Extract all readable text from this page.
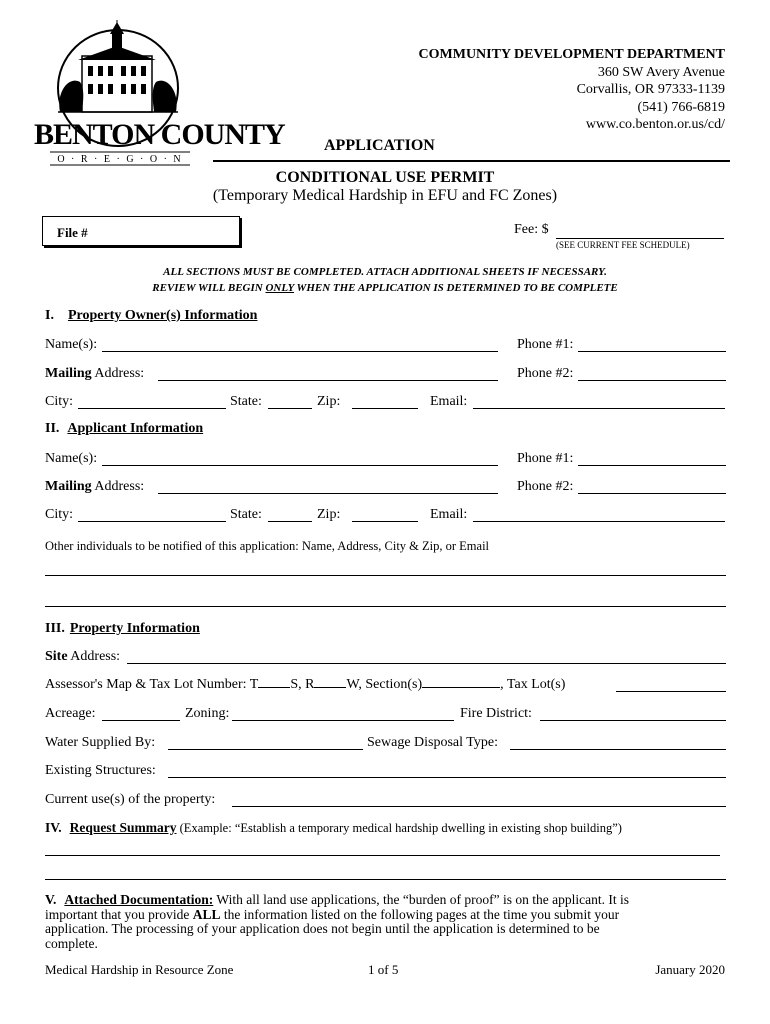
BENTON COUNTY
O · R · E · G · O · N
COMMUNITY DEVELOPMENT DEPARTMENT
360 SW Avery Avenue
Corvallis, OR 97333-1139
(541) 766-6819
www.co.benton.or.us/cd/
APPLICATION
CONDITIONAL USE PERMIT
(Temporary Medical Hardship in EFU and FC Zones)
File #	Fee: $
(SEE CURRENT FEE SCHEDULE)
ALL SECTIONS MUST BE COMPLETED. ATTACH ADDITIONAL SHEETS IF NECESSARY.
REVIEW WILL BEGIN ONLY WHEN THE APPLICATION IS DETERMINED TO BE COMPLETE
I. Property Owner(s) Information
Name(s):	Phone #1:
Mailing Address:	Phone #2:
City:	State:	Zip:	Email:
II. Applicant Information
Name(s):	Phone #1:
Mailing Address:	Phone #2:
City:	State:	Zip:	Email:
Other individuals to be notified of this application: Name, Address, City & Zip, or Email
III. Property Information
Site Address:
Assessor's Map & Tax Lot Number: T S, R W, Section(s)	, Tax Lot(s)
Acreage:	Zoning:	Fire District:
Water Supplied By:	Sewage Disposal Type:
Existing Structures:
Current use(s) of the property:
IV. Request Summary (Example: “Establish a temporary medical hardship dwelling in existing shop building”)
V. Attached Documentation: With all land use applications, the “burden of proof” is on the applicant. It is
important that you provide ALL the information listed on the following pages at the time you submit your
application. The processing of your application does not begin until the application is determined to be
complete.
Medical Hardship in Resource Zone	1 of 5	January 2020
